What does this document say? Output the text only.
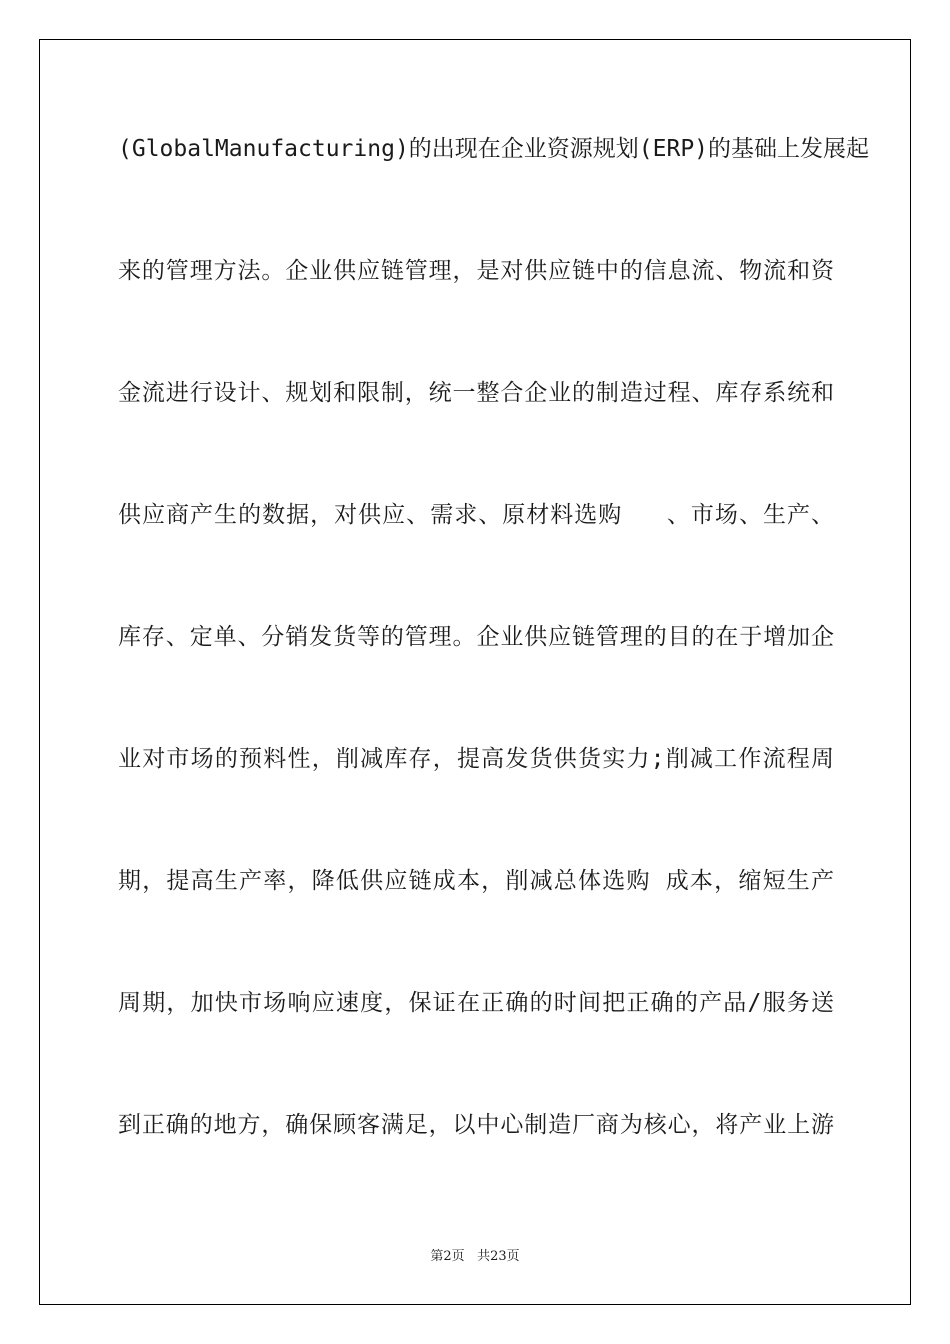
(GlobalManufacturing)的出现在企业资源规划(ERP)的基础上发展起
来的管理方法。企业供应链管理，是对供应链中的信息流、物流和资
金流进行设计、规划和限制，统一整合企业的制造过程、库存系统和
供应商产生的数据，对供应、需求、原材料选购   、市场、生产、
库存、定单、分销发货等的管理。企业供应链管理的目的在于增加企
业对市场的预料性，削减库存，提高发货供货实力;削减工作流程周
期，提高生产率，降低供应链成本，削减总体选购 成本，缩短生产
周期，加快市场响应速度，保证在正确的时间把正确的产品/服务送
到正确的地方，确保顾客满足，以中心制造厂商为核心，将产业上游
第2页 共23页
